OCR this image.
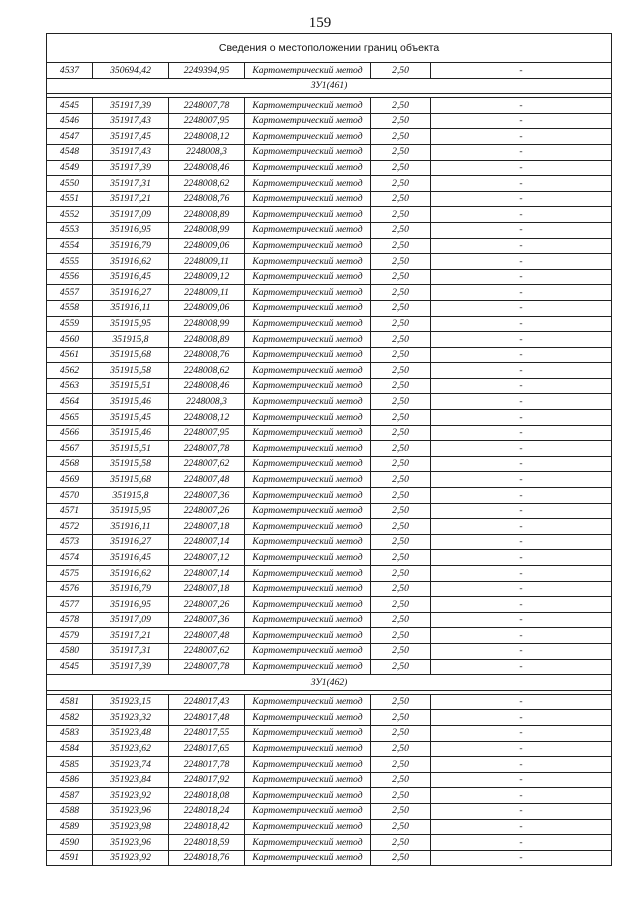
159
Сведения о местоположении границ объекта					
4537	350694,42	2249394,95	Картометрический метод	2,50	-
ЗУ1(461)					

4545	351917,39	2248007,78	Картометрический метод	2,50	-
4546	351917,43	2248007,95	Картометрический метод	2,50	-
4547	351917,45	2248008,12	Картометрический метод	2,50	-
4548	351917,43	2248008,3	Картометрический метод	2,50	-
4549	351917,39	2248008,46	Картометрический метод	2,50	-
4550	351917,31	2248008,62	Картометрический метод	2,50	-
4551	351917,21	2248008,76	Картометрический метод	2,50	-
4552	351917,09	2248008,89	Картометрический метод	2,50	-
4553	351916,95	2248008,99	Картометрический метод	2,50	-
4554	351916,79	2248009,06	Картометрический метод	2,50	-
4555	351916,62	2248009,11	Картометрический метод	2,50	-
4556	351916,45	2248009,12	Картометрический метод	2,50	-
4557	351916,27	2248009,11	Картометрический метод	2,50	-
4558	351916,11	2248009,06	Картометрический метод	2,50	-
4559	351915,95	2248008,99	Картометрический метод	2,50	-
4560	351915,8	2248008,89	Картометрический метод	2,50	-
4561	351915,68	2248008,76	Картометрический метод	2,50	-
4562	351915,58	2248008,62	Картометрический метод	2,50	-
4563	351915,51	2248008,46	Картометрический метод	2,50	-
4564	351915,46	2248008,3	Картометрический метод	2,50	-
4565	351915,45	2248008,12	Картометрический метод	2,50	-
4566	351915,46	2248007,95	Картометрический метод	2,50	-
4567	351915,51	2248007,78	Картометрический метод	2,50	-
4568	351915,58	2248007,62	Картометрический метод	2,50	-
4569	351915,68	2248007,48	Картометрический метод	2,50	-
4570	351915,8	2248007,36	Картометрический метод	2,50	-
4571	351915,95	2248007,26	Картометрический метод	2,50	-
4572	351916,11	2248007,18	Картометрический метод	2,50	-
4573	351916,27	2248007,14	Картометрический метод	2,50	-
4574	351916,45	2248007,12	Картометрический метод	2,50	-
4575	351916,62	2248007,14	Картометрический метод	2,50	-
4576	351916,79	2248007,18	Картометрический метод	2,50	-
4577	351916,95	2248007,26	Картометрический метод	2,50	-
4578	351917,09	2248007,36	Картометрический метод	2,50	-
4579	351917,21	2248007,48	Картометрический метод	2,50	-
4580	351917,31	2248007,62	Картометрический метод	2,50	-
4545	351917,39	2248007,78	Картометрический метод	2,50	-
ЗУ1(462)					

4581	351923,15	2248017,43	Картометрический метод	2,50	-
4582	351923,32	2248017,48	Картометрический метод	2,50	-
4583	351923,48	2248017,55	Картометрический метод	2,50	-
4584	351923,62	2248017,65	Картометрический метод	2,50	-
4585	351923,74	2248017,78	Картометрический метод	2,50	-
4586	351923,84	2248017,92	Картометрический метод	2,50	-
4587	351923,92	2248018,08	Картометрический метод	2,50	-
4588	351923,96	2248018,24	Картометрический метод	2,50	-
4589	351923,98	2248018,42	Картометрический метод	2,50	-
4590	351923,96	2248018,59	Картометрический метод	2,50	-
4591	351923,92	2248018,76	Картометрический метод	2,50	-
